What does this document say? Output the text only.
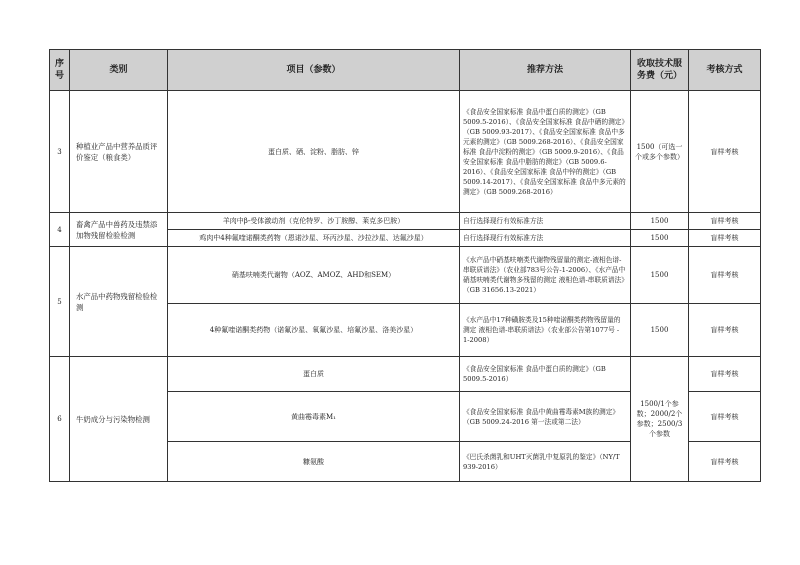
序号	类别	项目（参数）	推荐方法	收取技术服务费（元）	考核方式
3	种植业产品中营养品质评价鉴定（粮食类）	蛋白质、硒、淀粉、脂肪、锌	《食品安全国家标准 食品中蛋白质的测定》（GB 5009.5-2016）、《食品安全国家标准 食品中硒的测定》（GB 5009.93-2017）、《食品安全国家标准 食品中多元素的测定》（GB 5009.268-2016）、《食品安全国家标准 食品中淀粉的测定》（GB 5009.9-2016）、《食品安全国家标准 食品中脂肪的测定》（GB 5009.6-2016）、《食品安全国家标准 食品中锌的测定》（GB 5009.14-2017）、《食品安全国家标准 食品中多元素的测定》（GB 5009.268-2016）	1500（可选一个或多个参数）	盲样考核
4	畜禽产品中兽药及违禁添加物残留检验检测	羊肉中β-受体激动剂（克伦特罗、沙丁胺醇、莱克多巴胺）	自行选择现行有效标准方法	1500	盲样考核
		鸡肉中4种氟喹诺酮类药物（恩诺沙星、环丙沙星、沙拉沙星、达氟沙星）	自行选择现行有效标准方法	1500	盲样考核
5	水产品中药物残留检验检测	硝基呋喃类代谢物（AOZ、AMOZ、AHD和SEM）	《水产品中硝基呋喃类代谢物残留量的测定-液相色谱-串联质谱法》（农业部783号公告-1-2006）、《水产品中硝基呋喃类代谢物多残留的测定 液相色谱-串联质谱法》（GB 31656.13-2021）	1500	盲样考核
		4种氟喹诺酮类药物（诺氟沙星、氧氟沙星、培氟沙星、洛美沙星）	《水产品中17种磺胺类及15种喹诺酮类药物残留量的测定 液相色谱-串联质谱法》（农业部公告第1077号 - 1-2008）	1500	盲样考核
6	牛奶成分与污染物检测	蛋白质	《食品安全国家标准 食品中蛋白质的测定》（GB 5009.5-2016）	1500/1个参数；2000/2个参数；2500/3个参数	盲样考核
		黄曲霉毒素M₁	《食品安全国家标准 食品中黄曲霉毒素M族的测定》（GB 5009.24-2016 第一法或第二法）		盲样考核
		糠氨酸	《巴氏杀菌乳和UHT灭菌乳中复原乳的鉴定》（NY/T 939-2016）		盲样考核
